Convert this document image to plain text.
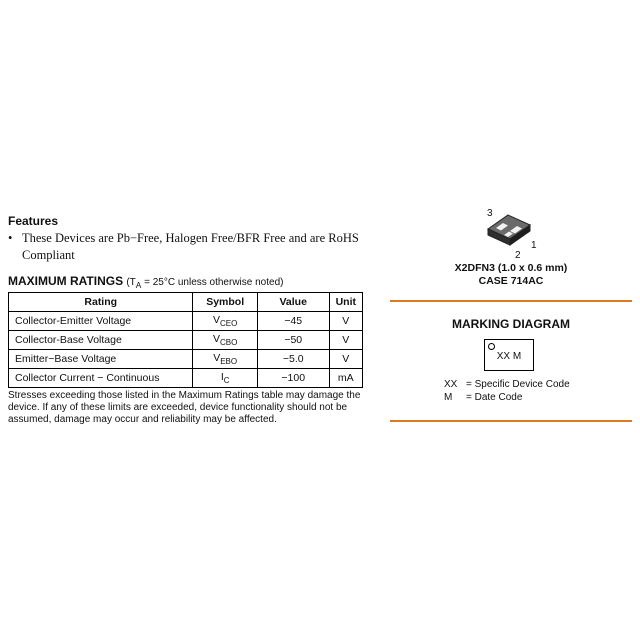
Features
• These Devices are Pb−Free, Halogen Free/BFR Free and are RoHS Compliant
MAXIMUM RATINGS ($T_A = 25^\circ C$ unless otherwise noted)
Rating	Symbol	Value	Unit
Collector-Emitter Voltage	$V_{CEO}$	−45	V
Collector-Base Voltage	$V_{CBO}$	−50	V
Emitter−Base Voltage	$V_{EBO}$	−5.0	V
Collector Current − Continuous	$I_C$	−100	mA
Stresses exceeding those listed in the Maximum Ratings table may damage the device. If any of these limits are exceeded, device functionality should not be assumed, damage may occur and reliability may be affected.
3
1
2
X2DFN3 (1.0 x 0.6 mm)
CASE 714AC
MARKING DIAGRAM
XX M
XX = Specific Device Code
M = Date Code
